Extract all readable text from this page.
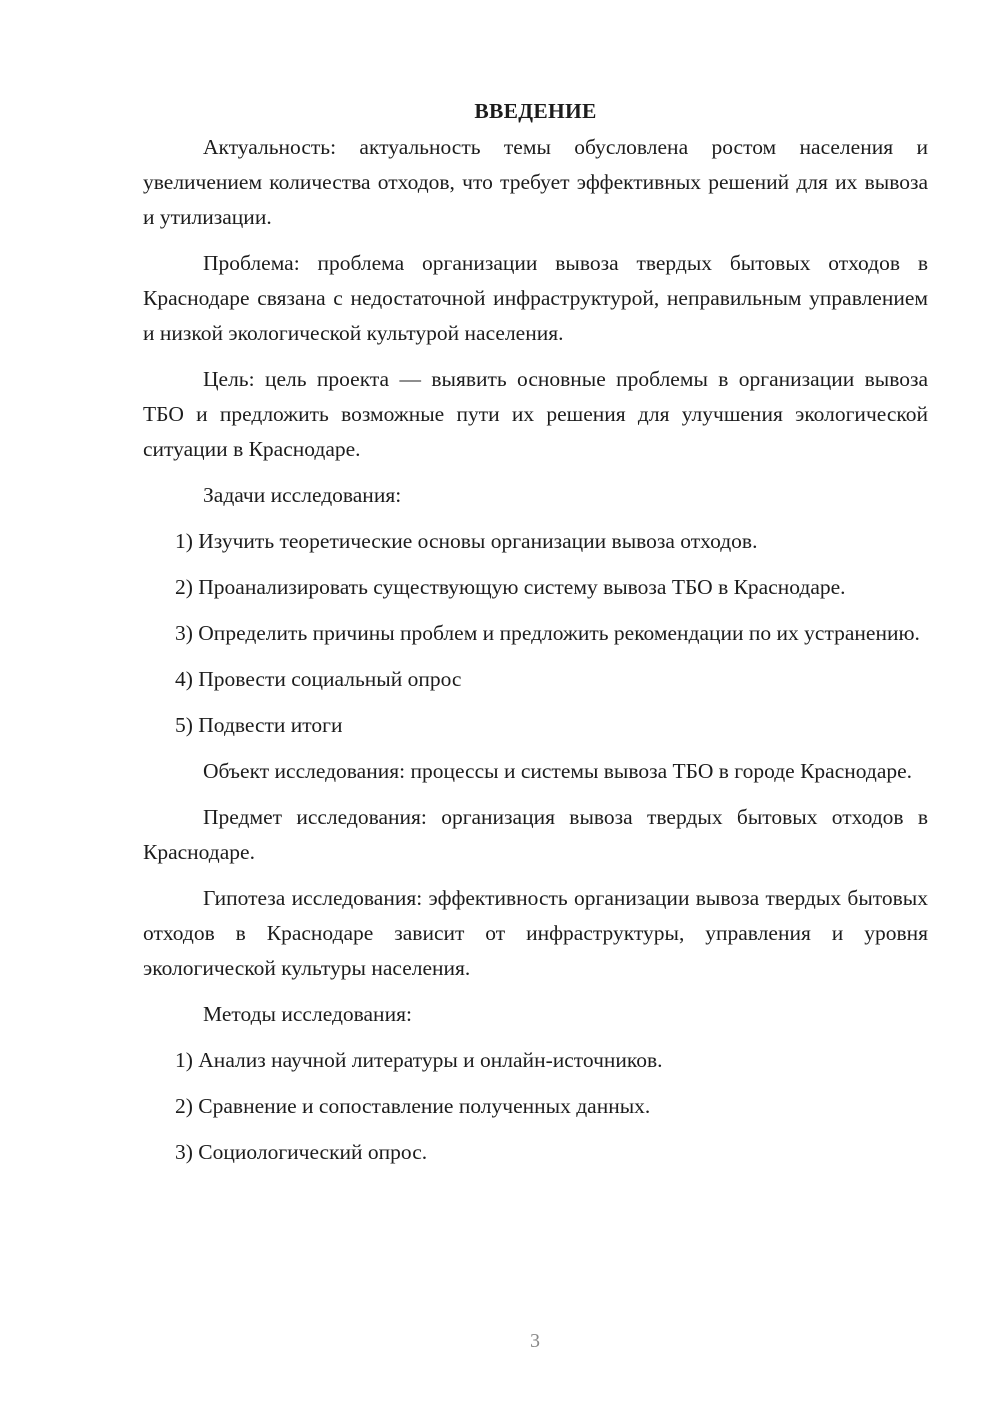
ВВЕДЕНИЕ

Актуальность: актуальность темы обусловлена ростом населения и увеличением количества отходов, что требует эффективных решений для их вывоза и утилизации.

Проблема: проблема организации вывоза твердых бытовых отходов в Краснодаре связана с недостаточной инфраструктурой, неправильным управлением и низкой экологической культурой населения.

Цель: цель проекта — выявить основные проблемы в организации вывоза ТБО и предложить возможные пути их решения для улучшения экологической ситуации в Краснодаре.

Задачи исследования:

1) Изучить теоретические основы организации вывоза отходов.

2) Проанализировать существующую систему вывоза ТБО в Краснодаре.

3) Определить причины проблем и предложить рекомендации по их устранению.

4) Провести социальный опрос

5) Подвести итоги

Объект исследования: процессы и системы вывоза ТБО в городе Краснодаре.

Предмет исследования: организация вывоза твердых бытовых отходов в Краснодаре.

Гипотеза исследования: эффективность организации вывоза твердых бытовых отходов в Краснодаре зависит от инфраструктуры, управления и уровня экологической культуры населения.

Методы исследования:

1) Анализ научной литературы и онлайн-источников.

2) Сравнение и сопоставление полученных данных.

3) Социологический опрос.

3
